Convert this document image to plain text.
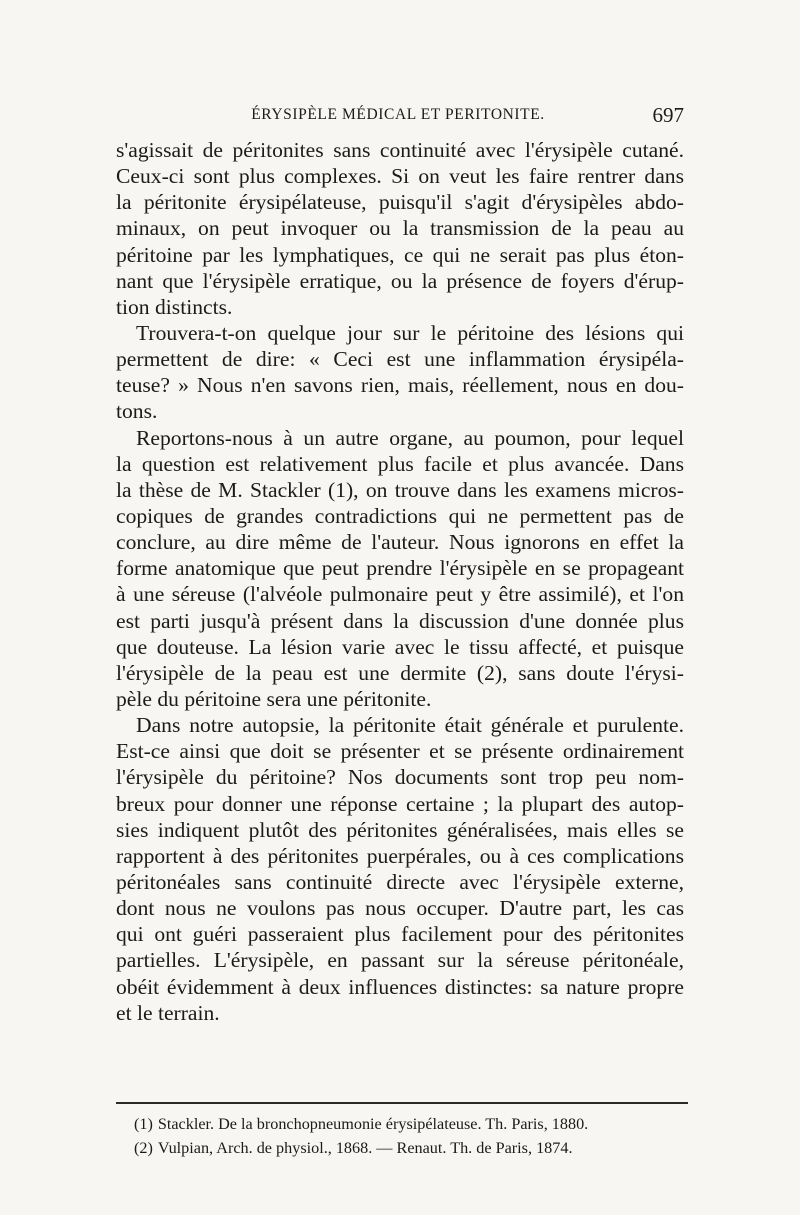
ÉRYSIPÈLE MÉDICAL ET PERITONITE.	697
s'agissait de péritonites sans continuité avec l'érysipèle cutané.
Ceux-ci sont plus complexes. Si on veut les faire rentrer dans
la péritonite érysipélateuse, puisqu'il s'agit d'érysipèles abdo-
minaux, on peut invoquer ou la transmission de la peau au
péritoine par les lymphatiques, ce qui ne serait pas plus éton-
nant que l'érysipèle erratique, ou la présence de foyers d'érup-
tion distincts.
Trouvera-t-on quelque jour sur le péritoine des lésions qui
permettent de dire: « Ceci est une inflammation érysipéla-
teuse? » Nous n'en savons rien, mais, réellement, nous en dou-
tons.
Reportons-nous à un autre organe, au poumon, pour lequel
la question est relativement plus facile et plus avancée. Dans
la thèse de M. Stackler (1), on trouve dans les examens micros-
copiques de grandes contradictions qui ne permettent pas de
conclure, au dire même de l'auteur. Nous ignorons en effet la
forme anatomique que peut prendre l'érysipèle en se propageant
à une séreuse (l'alvéole pulmonaire peut y être assimilé), et l'on
est parti jusqu'à présent dans la discussion d'une donnée plus
que douteuse. La lésion varie avec le tissu affecté, et puisque
l'érysipèle de la peau est une dermite (2), sans doute l'érysi-
pèle du péritoine sera une péritonite.
Dans notre autopsie, la péritonite était générale et purulente.
Est-ce ainsi que doit se présenter et se présente ordinairement
l'érysipèle du péritoine? Nos documents sont trop peu nom-
breux pour donner une réponse certaine ; la plupart des autop-
sies indiquent plutôt des péritonites généralisées, mais elles se
rapportent à des péritonites puerpérales, ou à ces complications
péritonéales sans continuité directe avec l'érysipèle externe,
dont nous ne voulons pas nous occuper. D'autre part, les cas
qui ont guéri passeraient plus facilement pour des péritonites
partielles. L'érysipèle, en passant sur la séreuse péritonéale,
obéit évidemment à deux influences distinctes: sa nature propre
et le terrain.
(1) Stackler. De la bronchopneumonie érysipélateuse. Th. Paris, 1880.
(2) Vulpian, Arch. de physiol., 1868. — Renaut. Th. de Paris, 1874.
